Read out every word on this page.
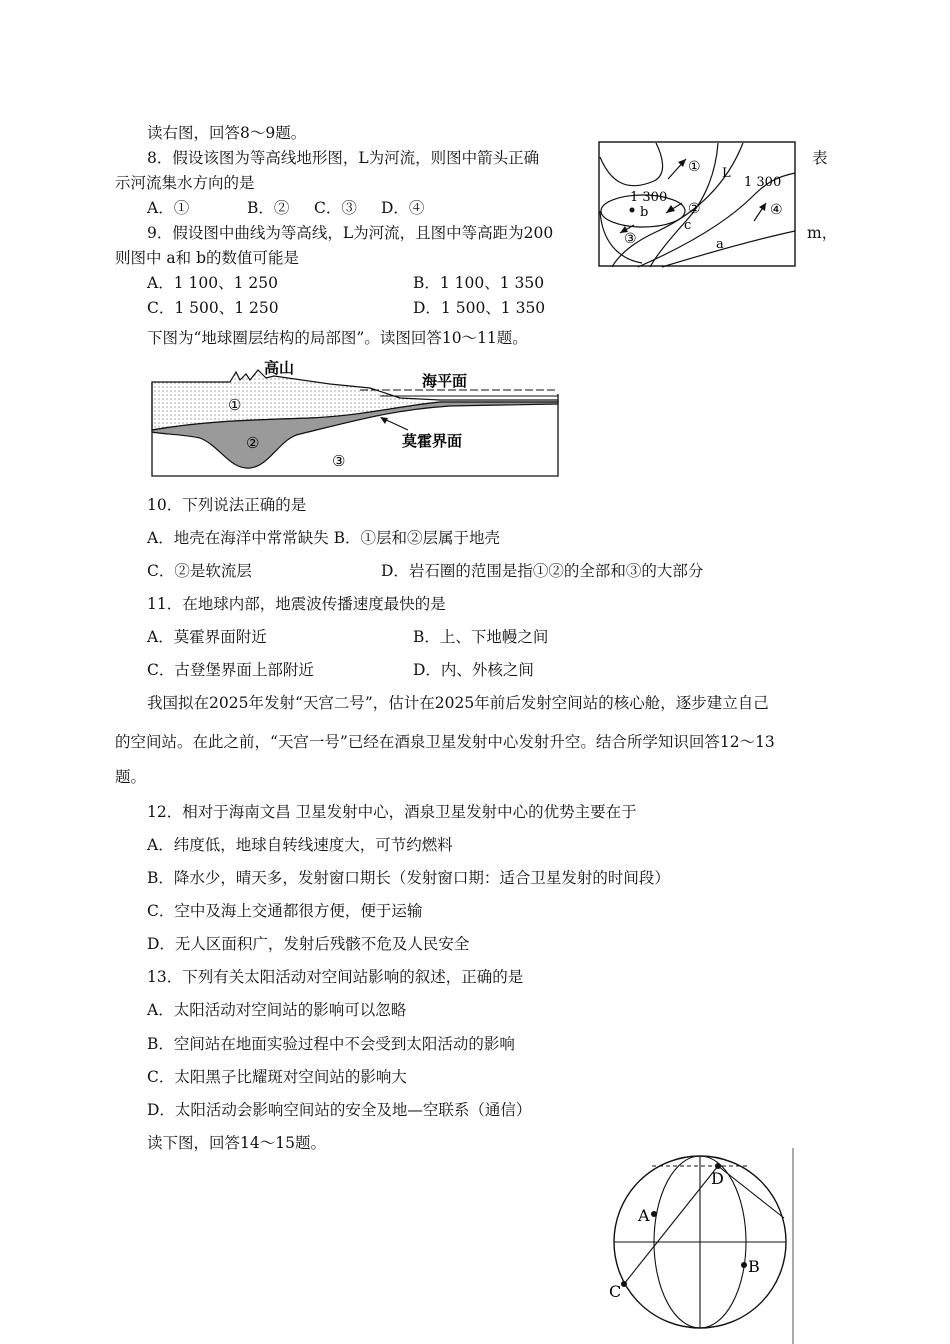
读右图，回答8～9题。
8．假设该图为等高线地形图，L为河流，则图中箭头正确	表
示河流集水方向的是
A．①	B．② C．③ D．④
9．假设图中曲线为等高线，L为河流，且图中等高距为200	m，
则图中 a和 b的数值可能是
A．1 100、1 250	B．1 100、1 350
C．1 500、1 250	D．1 500、1 350
1 300
1 300
b
a
c
L
①
②
③
④
下图为“地球圈层结构的局部图”。读图回答10～11题。
高山
海平面
莫霍界面
①
②
③
10．下列说法正确的是
A．地壳在海洋中常常缺失 B．①层和②层属于地壳
C．②是软流层	D．岩石圈的范围是指①②的全部和③的大部分
11．在地球内部，地震波传播速度最快的是
A．莫霍界面附近	B．上、下地幔之间
C．古登堡界面上部附近	D．内、外核之间
我国拟在2025年发射“天宫二号”，估计在2025年前后发射空间站的核心舱，逐步建立自己
的空间站。在此之前，“天宫一号”已经在酒泉卫星发射中心发射升空。结合所学知识回答12～13
题。
12．相对于海南文昌 卫星发射中心，酒泉卫星发射中心的优势主要在于
A．纬度低，地球自转线速度大，可节约燃料
B．降水少，晴天多，发射窗口期长（发射窗口期：适合卫星发射的时间段）
C．空中及海上交通都很方便，便于运输
D．无人区面积广，发射后残骸不危及人民安全
13．下列有关太阳活动对空间站影响的叙述，正确的是
A．太阳活动对空间站的影响可以忽略
B．空间站在地面实验过程中不会受到太阳活动的影响
C．太阳黑子比耀斑对空间站的影响大
D．太阳活动会影响空间站的安全及地—空联系（通信）
读下图，回答14～15题。
A
B
C
D
